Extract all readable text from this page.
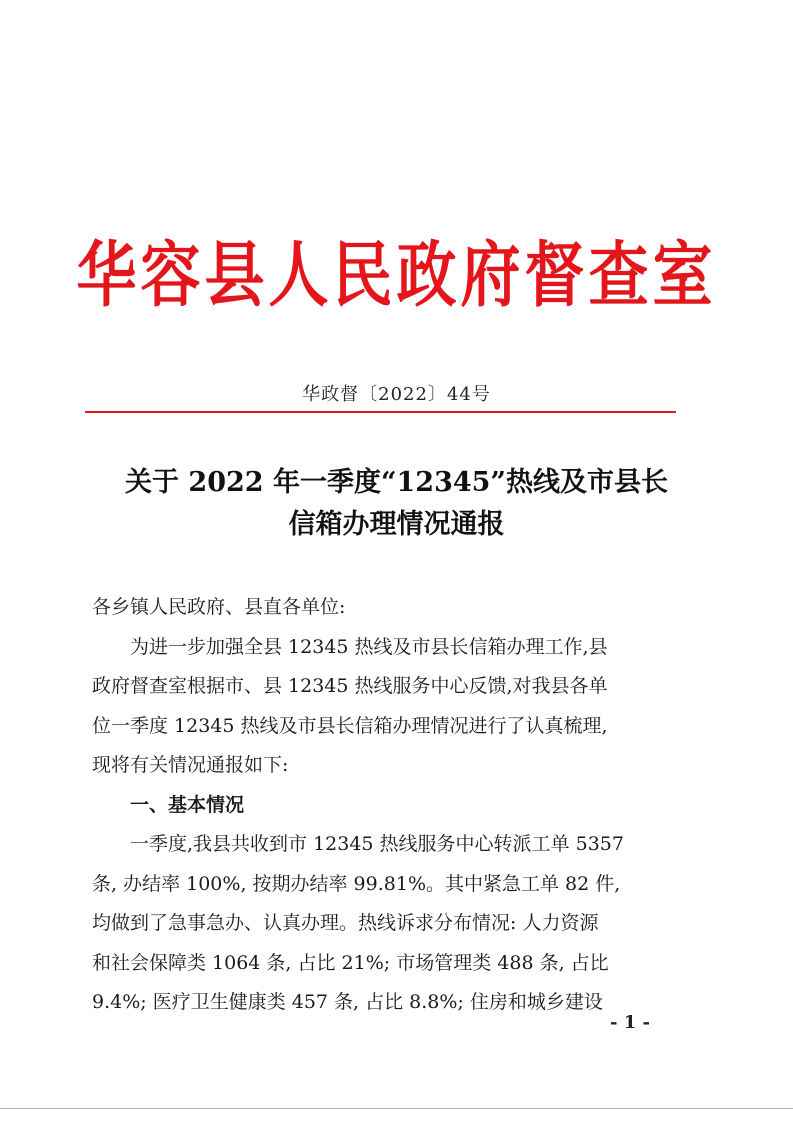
华容县人民政府督查室
华政督〔2022〕44号
关于 2022 年一季度“12345”热线及市县长
信箱办理情况通报
各乡镇人民政府、县直各单位:
为进一步加强全县 12345 热线及市县长信箱办理工作,县
政府督查室根据市、县 12345 热线服务中心反馈,对我县各单
位一季度 12345 热线及市县长信箱办理情况进行了认真梳理,
现将有关情况通报如下:
一、基本情况
一季度,我县共收到市 12345 热线服务中心转派工单 5357
条, 办结率 100%, 按期办结率 99.81%。其中紧急工单 82 件,
均做到了急事急办、认真办理。热线诉求分布情况: 人力资源
和社会保障类 1064 条, 占比 21%; 市场管理类 488 条, 占比
9.4%; 医疗卫生健康类 457 条, 占比 8.8%; 住房和城乡建设
- 1 -
